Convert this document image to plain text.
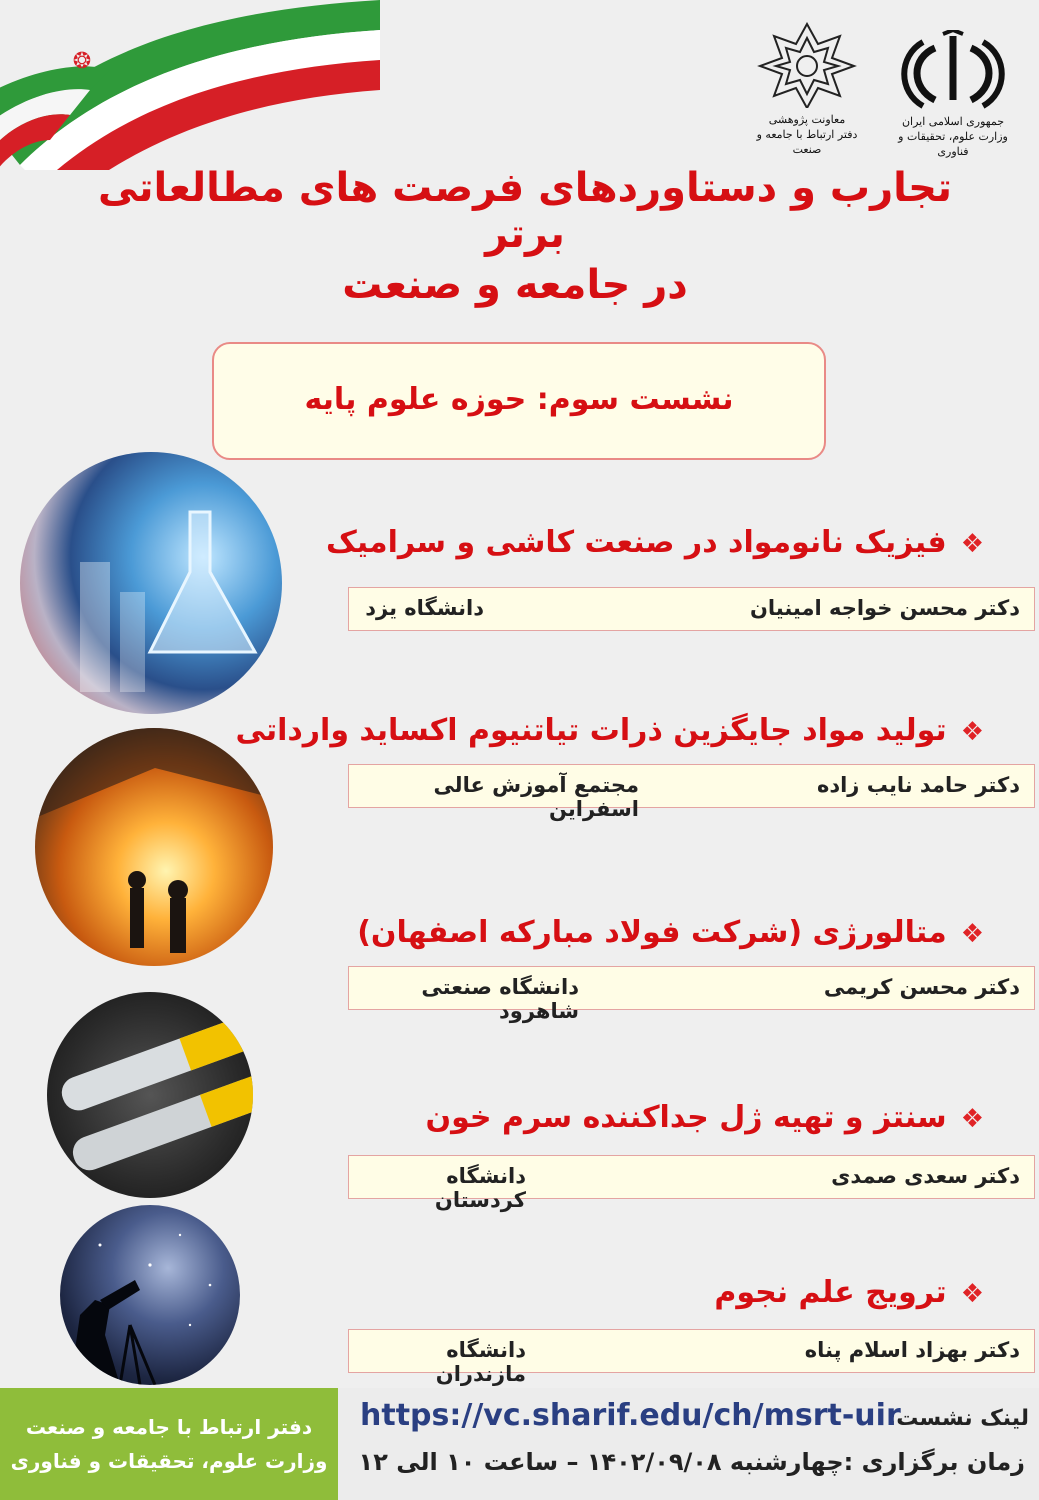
❂
جمهوری اسلامی ایران
وزارت علوم، تحقیقات و فناوری
معاونت پژوهشی
دفتر ارتباط با جامعه و صنعت
تجارب و دستاوردهای فرصت های مطالعاتی برتر
در جامعه و صنعت
نشست سوم: حوزه علوم پایه
❖فیزیک نانومواد در صنعت کاشی و سرامیک
دکتر محسن خواجه امینیان
دانشگاه یزد
❖تولید مواد جایگزین ذرات تیاتنیوم اکساید وارداتی
دکتر حامد نایب زاده
مجتمع آموزش عالی اسفراین
❖متالورژی (شرکت فولاد مبارکه اصفهان)
دکتر محسن کریمی
دانشگاه صنعتی شاهرود
❖سنتز و تهیه ژل جداکننده سرم خون
دکتر سعدی صمدی
دانشگاه کردستان
❖ترویج علم نجوم
دکتر بهزاد اسلام پناه
دانشگاه مازندران
دفتر ارتباط با جامعه و صنعت
وزارت علوم، تحقیقات و فناوری
لینک نشست:
https://vc.sharif.edu/ch/msrt-uir
زمان برگزاری :چهارشنبه ۱۴۰۲/۰۹/۰۸ – ساعت ۱۰ الی ۱۲
